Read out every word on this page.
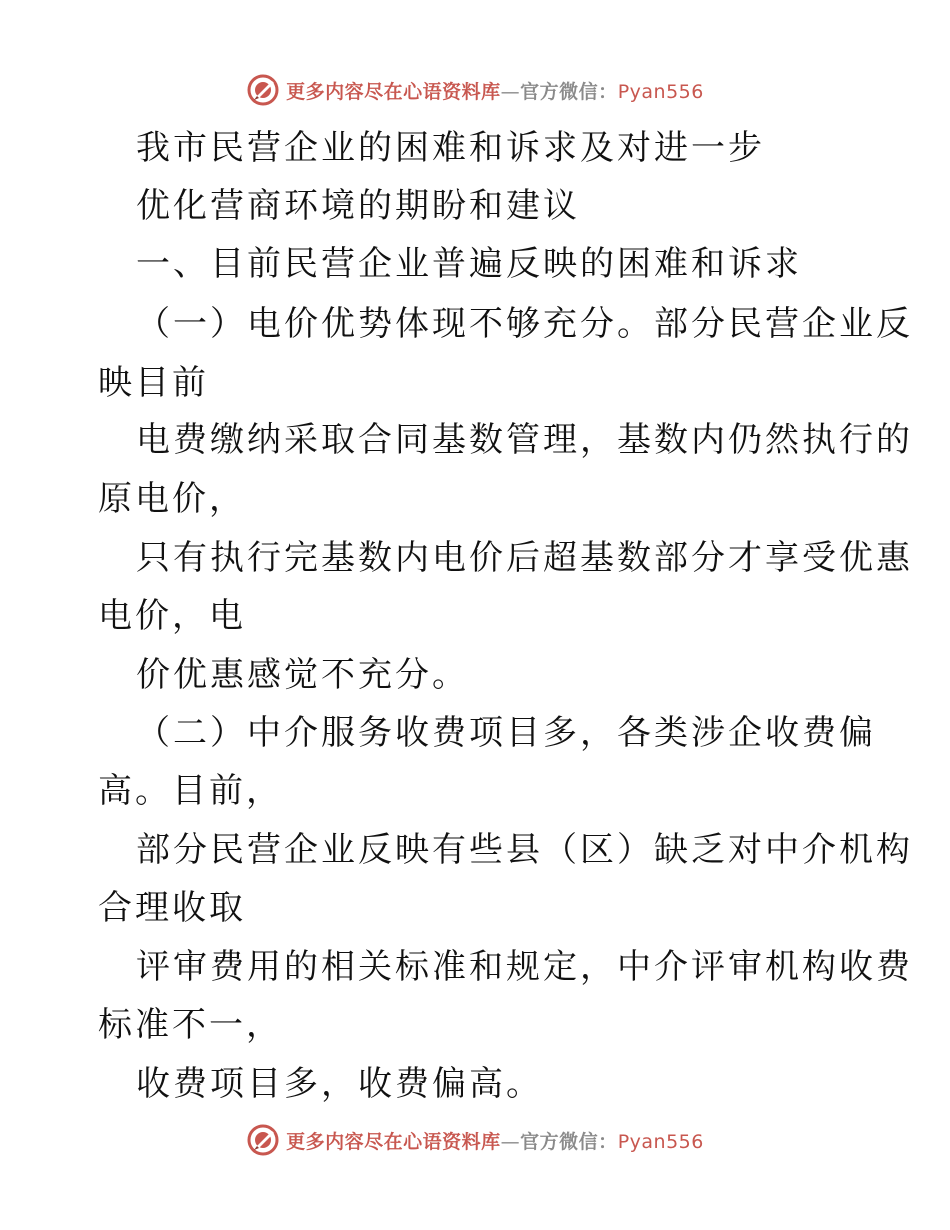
更多内容尽在心语资料库—官方微信：Pyan556
我市民营企业的困难和诉求及对进一步
优化营商环境的期盼和建议
一、目前民营企业普遍反映的困难和诉求
（一）电价优势体现不够充分。部分民营企业反
映目前
电费缴纳采取合同基数管理，基数内仍然执行的
原电价，
只有执行完基数内电价后超基数部分才享受优惠
电价，电
价优惠感觉不充分。
（二）中介服务收费项目多，各类涉企收费偏
高。目前，
部分民营企业反映有些县（区）缺乏对中介机构
合理收取
评审费用的相关标准和规定，中介评审机构收费
标准不一，
收费项目多，收费偏高。
更多内容尽在心语资料库—官方微信：Pyan556
